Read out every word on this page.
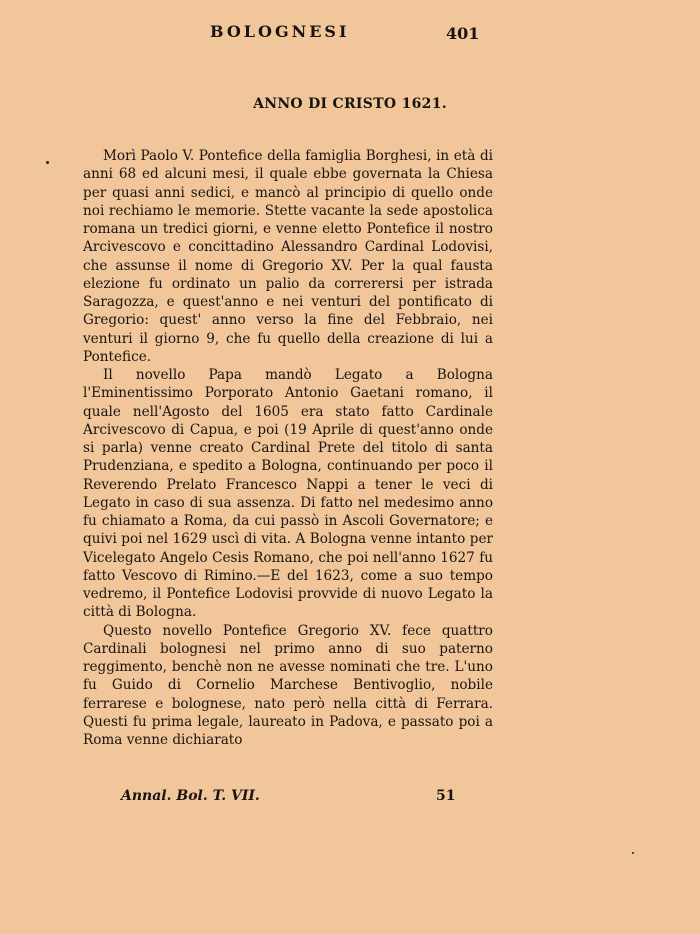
BOLOGNESI	401
ANNO DI CRISTO 1621.

Morì Paolo V. Pontefice della famiglia Borghesi, in età di anni 68 ed alcuni mesi, il quale ebbe governata la Chiesa per quasi anni sedici, e mancò al principio di quello onde noi rechiamo le memorie. Stette vacante la sede apostolica romana un tredici giorni, e venne eletto Pontefice il nostro Arcivescovo e concittadino Alessandro Cardinal Lodovisi, che assunse il nome di Gregorio XV. Per la qual fausta elezione fu ordinato un palio da correrersi per istrada Saragozza, e quest'anno e nei venturi del pontificato di Gregorio: quest' anno verso la fine del Febbraio, nei venturi il giorno 9, che fu quello della creazione di lui a Pontefice.

Il novello Papa mandò Legato a Bologna l'Eminentissimo Porporato Antonio Gaetani romano, il quale nell'Agosto del 1605 era stato fatto Cardinale Arcivescovo di Capua, e poi (19 Aprile di quest'anno onde si parla) venne creato Cardinal Prete del titolo di santa Prudenziana, e spedito a Bologna, continuando per poco il Reverendo Prelato Francesco Nappi a tener le veci di Legato in caso di sua assenza. Di fatto nel medesimo anno fu chiamato a Roma, da cui passò in Ascoli Governatore; e quivi poi nel 1629 uscì di vita. A Bologna venne intanto per Vicelegato Angelo Cesis Romano, che poi nell'anno 1627 fu fatto Vescovo di Rimino.—E del 1623, come a suo tempo vedremo, il Pontefice Lodovisi provvide di nuovo Legato la città di Bologna.

Questo novello Pontefice Gregorio XV. fece quattro Cardinali bolognesi nel primo anno di suo paterno reggimento, benchè non ne avesse nominati che tre. L'uno fu Guido di Cornelio Marchese Bentivoglio, nobile ferrarese e bolognese, nato però nella città di Ferrara. Questi fu prima legale, laureato in Padova, e passato poi a Roma venne dichiarato

Annal. Bol. T. VII.	51
